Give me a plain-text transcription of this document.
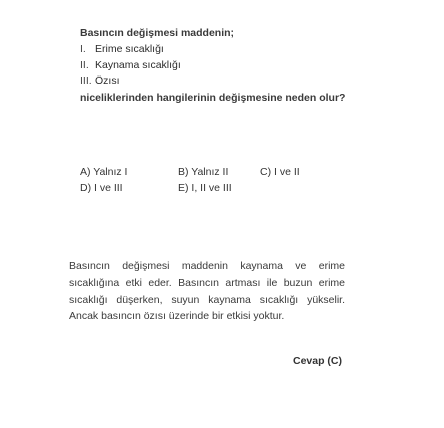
Basıncın değişmesi maddenin;
I. Erime sıcaklığı
II. Kaynama sıcaklığı
III. Özısı
niceliklerinden hangilerinin değişmesine neden olur?
A) Yalnız I	B) Yalnız II	C) I ve II
D) I ve III	E) I, II ve III
Basıncın değişmesi maddenin kaynama ve erime sıcaklığına etki eder. Basıncın artması ile buzun erime sıcaklığı düşerken, suyun kaynama sıcaklığı yükselir. Ancak basıncın özısı üzerinde bir etkisi yoktur.
Cevap (C)
